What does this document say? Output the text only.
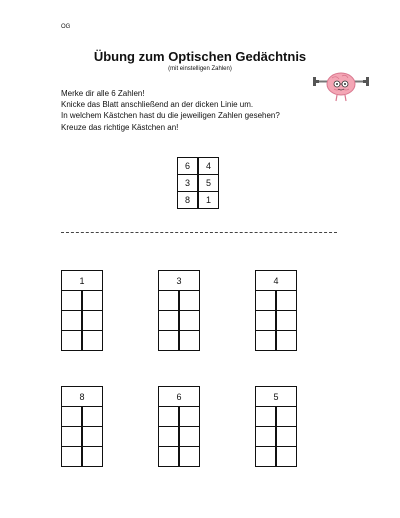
OG
Übung zum Optischen Gedächtnis
(mit einstelligen Zahlen)
Merke dir alle 6 Zahlen!
Knicke das Blatt anschließend an der dicken Linie um.
In welchem Kästchen hast du die jeweiligen Zahlen gesehen?
Kreuze das richtige Kästchen an!
6	4
3	5
8	1
1	

		3	

		4	

8	

		6	

		5	
